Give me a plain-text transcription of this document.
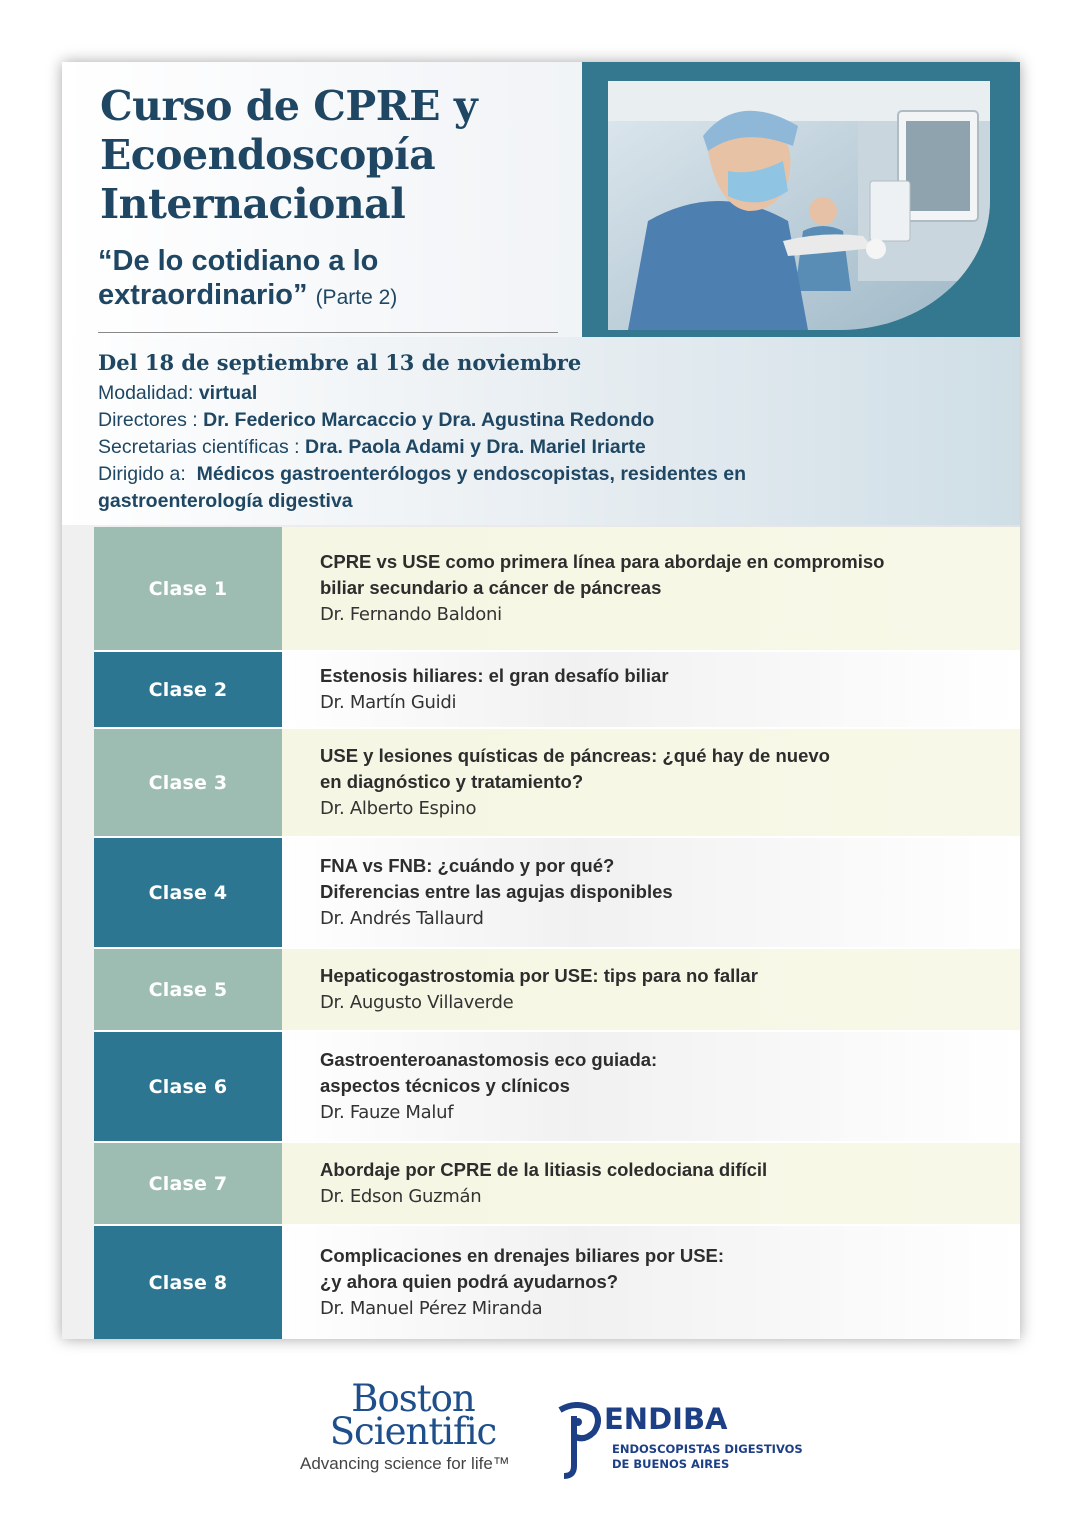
Curso de CPRE y
Ecoendoscopía
Internacional
“De lo cotidiano a lo
extraordinario” (Parte 2)
Del 18 de septiembre al 13 de noviembre
Modalidad: virtual
Directores : Dr. Federico Marcaccio y Dra. Agustina Redondo
Secretarias científicas : Dra. Paola Adami y Dra. Mariel Iriarte
Dirigido a: Médicos gastroenterólogos y endoscopistas, residentes en
gastroenterología digestiva
Clase 1
CPRE vs USE como primera línea para abordaje en compromiso
biliar secundario a cáncer de páncreas
Dr. Fernando Baldoni
Clase 2
Estenosis hiliares: el gran desafío biliar
Dr. Martín Guidi
Clase 3
USE y lesiones quísticas de páncreas: ¿qué hay de nuevo
en diagnóstico y tratamiento?
Dr. Alberto Espino
Clase 4
FNA vs FNB: ¿cuándo y por qué?
Diferencias entre las agujas disponibles
Dr. Andrés Tallaurd
Clase 5
Hepaticogastrostomia por USE: tips para no fallar
Dr. Augusto Villaverde
Clase 6
Gastroenteroanastomosis eco guiada:
aspectos técnicos y clínicos
Dr. Fauze Maluf
Clase 7
Abordaje por CPRE de la litiasis coledociana difícil
Dr. Edson Guzmán
Clase 8
Complicaciones en drenajes biliares por USE:
¿y ahora quien podrá ayudarnos?
Dr. Manuel Pérez Miranda
Boston
Scientific
Advancing science for life™
ENDIBA
ENDOSCOPISTAS DIGESTIVOS
DE BUENOS AIRES
